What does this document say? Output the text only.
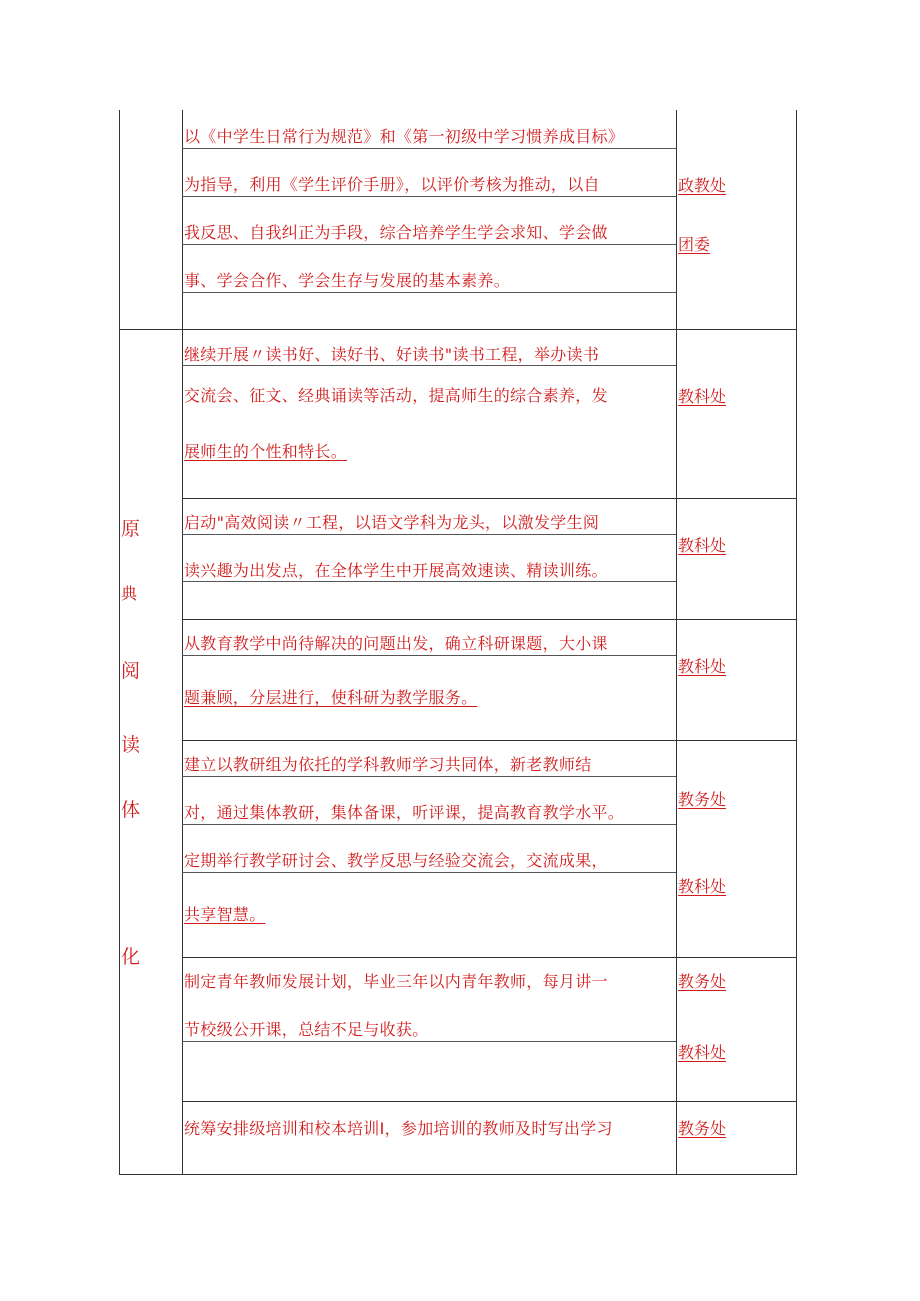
以《中学生日常行为规范》和《第一初级中学习惯养成目标》
为指导，利用《学生评价手册》，以评价考核为推动，以自
我反思、自我纠正为手段，综合培养学生学会求知、学会做
事、学会合作、学会生存与发展的基本素养。
政教处
团委
原
典
阅
读
体
化
继续开展〃读书好、读好书、好读书"读书工程，举办读书
交流会、征文、经典诵读等活动，提高师生的综合素养，发
展师生的个性和特长。
教科处
启动"高效阅读〃工程，以语文学科为龙头，以激发学生阅
读兴趣为出发点，在全体学生中开展高效速读、精读训练。
教科处
从教育教学中尚待解决的问题出发，确立科研课题，大小课
题兼顾，分层进行，使科研为教学服务。
教科处
建立以教研组为依托的学科教师学习共同体，新老教师结
对，通过集体教研，集体备课，听评课，提高教育教学水平。
定期举行教学研讨会、教学反思与经验交流会，交流成果，
共享智慧。
教务处
教科处
制定青年教师发展计划，毕业三年以内青年教师，每月讲一
节校级公开课，总结不足与收获。
教务处
教科处
统筹安排级培训和校本培训I，参加培训的教师及时写出学习	教务处
